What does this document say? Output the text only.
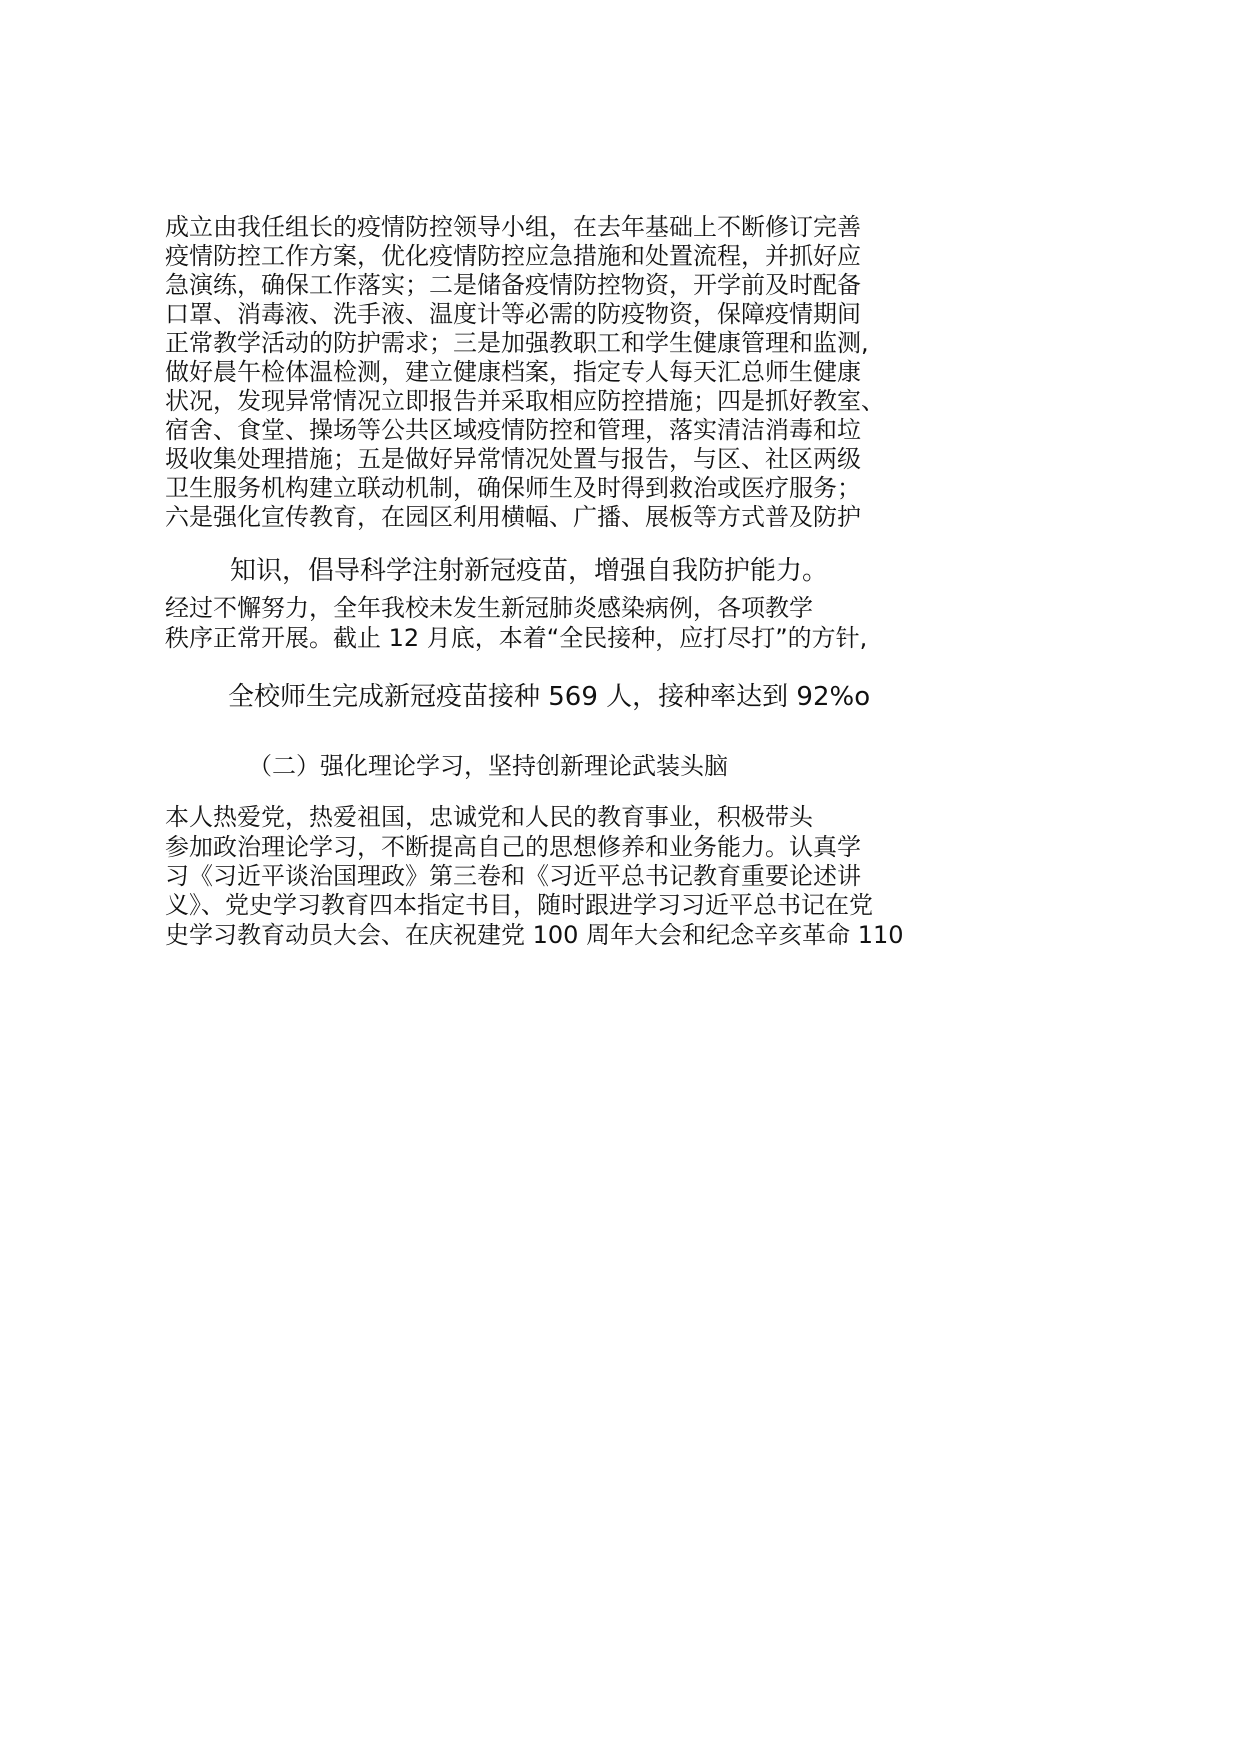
成立由我任组长的疫情防控领导小组，在去年基础上不断修订完善
疫情防控工作方案，优化疫情防控应急措施和处置流程，并抓好应
急演练，确保工作落实；二是储备疫情防控物资，开学前及时配备
口罩、消毒液、洗手液、温度计等必需的防疫物资，保障疫情期间
正常教学活动的防护需求；三是加强教职工和学生健康管理和监测,
做好晨午检体温检测，建立健康档案，指定专人每天汇总师生健康
状况，发现异常情况立即报告并采取相应防控措施；四是抓好教室、
宿舍、食堂、操场等公共区域疫情防控和管理，落实清洁消毒和垃
圾收集处理措施；五是做好异常情况处置与报告，与区、社区两级
卫生服务机构建立联动机制，确保师生及时得到救治或医疗服务；
六是强化宣传教育，在园区利用横幅、广播、展板等方式普及防护
知识，倡导科学注射新冠疫苗，增强自我防护能力。
经过不懈努力，全年我校未发生新冠肺炎感染病例，各项教学
秩序正常开展。截止 12 月底，本着“全民接种，应打尽打”的方针,
全校师生完成新冠疫苗接种 569 人，接种率达到 92%o
（二）强化理论学习，坚持创新理论武装头脑
本人热爱党，热爱祖国，忠诚党和人民的教育事业，积极带头
参加政治理论学习，不断提高自己的思想修养和业务能力。认真学
习《习近平谈治国理政》第三卷和《习近平总书记教育重要论述讲
义》、党史学习教育四本指定书目，随时跟进学习习近平总书记在党
史学习教育动员大会、在庆祝建党 100 周年大会和纪念辛亥革命 110
